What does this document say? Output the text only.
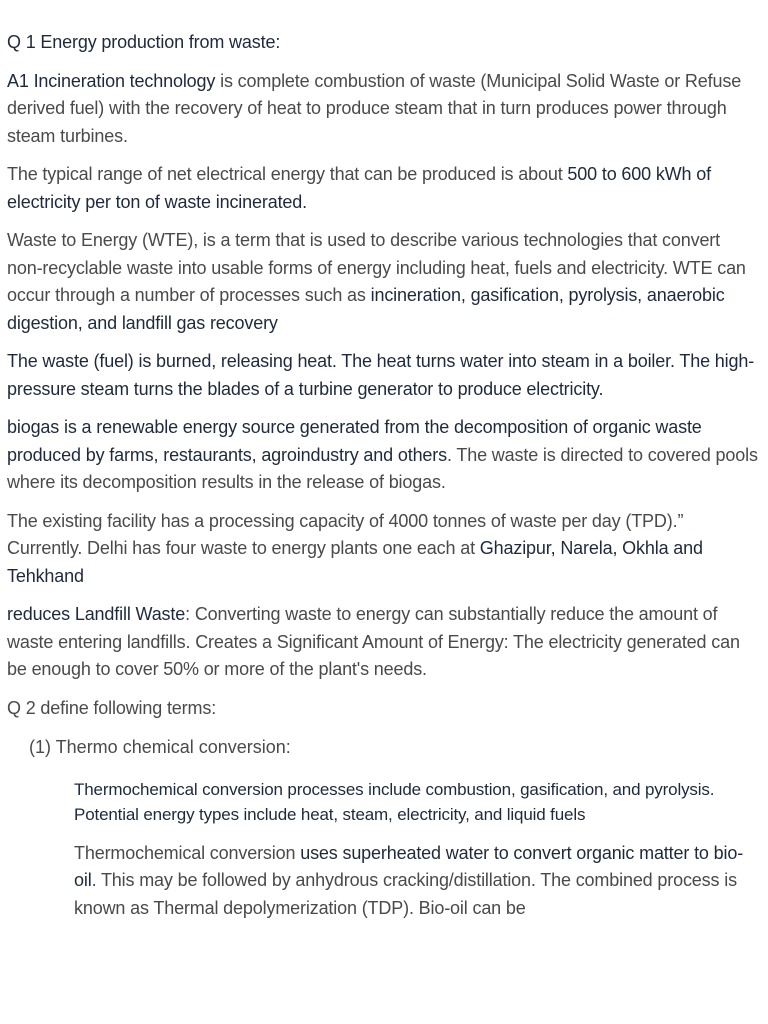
Q 1 Energy production from waste:

A1 Incineration technology is complete combustion of waste (Municipal Solid Waste or Refuse derived fuel) with the recovery of heat to produce steam that in turn produces power through steam turbines.

The typical range of net electrical energy that can be produced is about 500 to 600 kWh of electricity per ton of waste incinerated.

Waste to Energy (WTE), is a term that is used to describe various technologies that convert non-recyclable waste into usable forms of energy including heat, fuels and electricity. WTE can occur through a number of processes such as incineration, gasification, pyrolysis, anaerobic digestion, and landfill gas recovery

The waste (fuel) is burned, releasing heat. The heat turns water into steam in a boiler. The high-pressure steam turns the blades of a turbine generator to produce electricity.

biogas is a renewable energy source generated from the decomposition of organic waste produced by farms, restaurants, agroindustry and others. The waste is directed to covered pools where its decomposition results in the release of biogas.

The existing facility has a processing capacity of 4000 tonnes of waste per day (TPD).” Currently. Delhi has four waste to energy plants one each at Ghazipur, Narela, Okhla and Tehkhand

reduces Landfill Waste: Converting waste to energy can substantially reduce the amount of waste entering landfills. Creates a Significant Amount of Energy: The electricity generated can be enough to cover 50% or more of the plant's needs.

Q 2 define following terms:

(1) Thermo chemical conversion:

Thermochemical conversion processes include combustion, gasification, and pyrolysis. Potential energy types include heat, steam, electricity, and liquid fuels

Thermochemical conversion uses superheated water to convert organic matter to bio-oil. This may be followed by anhydrous cracking/distillation. The combined process is known as Thermal depolymerization (TDP). Bio-oil can be
